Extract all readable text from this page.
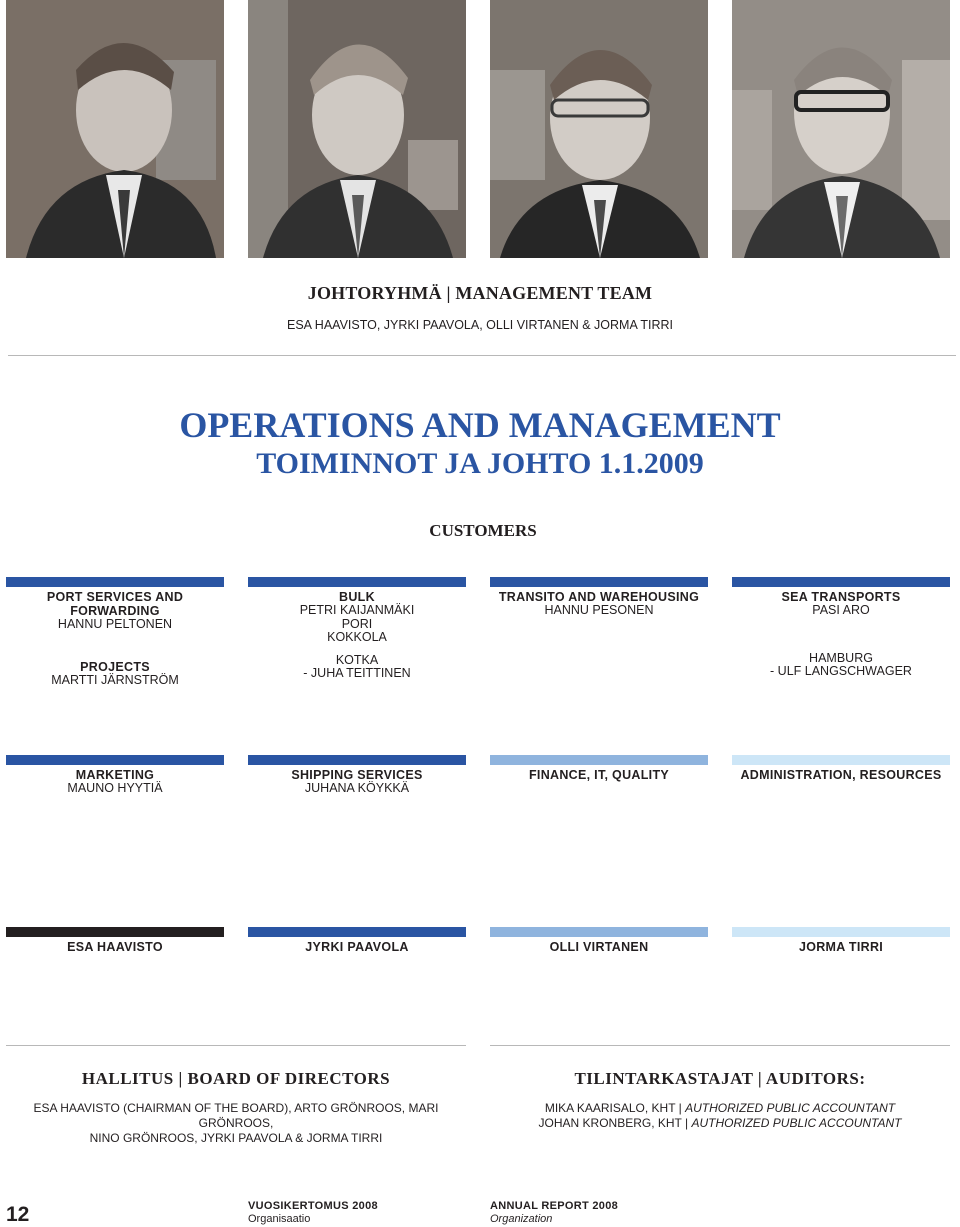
JOHTORYHMÄ | MANAGEMENT TEAM
ESA HAAVISTO, JYRKI PAAVOLA, OLLI VIRTANEN & JORMA TIRRI
OPERATIONS AND MANAGEMENT
TOIMINNOT JA JOHTO 1.1.2009
CUSTOMERS
PORT SERVICES AND FORWARDING
HANNU PELTONEN
PROJECTS
MARTTI JÄRNSTRÖM
BULK
PETRI KAIJANMÄKI
PORI
KOKKOLA
KOTKA
- JUHA TEITTINEN
TRANSITO AND WAREHOUSING
HANNU PESONEN
SEA TRANSPORTS
PASI ARO
HAMBURG
- ULF LANGSCHWAGER
MARKETING
MAUNO HYYTIÄ
SHIPPING SERVICES
JUHANA KÖYKKÄ
FINANCE, IT, QUALITY	ADMINISTRATION, RESOURCES
ESA HAAVISTO	JYRKI PAAVOLA	OLLI VIRTANEN	JORMA TIRRI
HALLITUS | BOARD OF DIRECTORS
ESA HAAVISTO (CHAIRMAN OF THE BOARD), ARTO GRÖNROOS, MARI GRÖNROOS,
NINO GRÖNROOS, JYRKI PAAVOLA & JORMA TIRRI
TILINTARKASTAJAT | AUDITORS:
MIKA KAARISALO, KHT | AUTHORIZED PUBLIC ACCOUNTANT
JOHAN KRONBERG, KHT | AUTHORIZED PUBLIC ACCOUNTANT
12	VUOSIKERTOMUS 2008
Organisaatio
ANNUAL REPORT 2008
Organization
